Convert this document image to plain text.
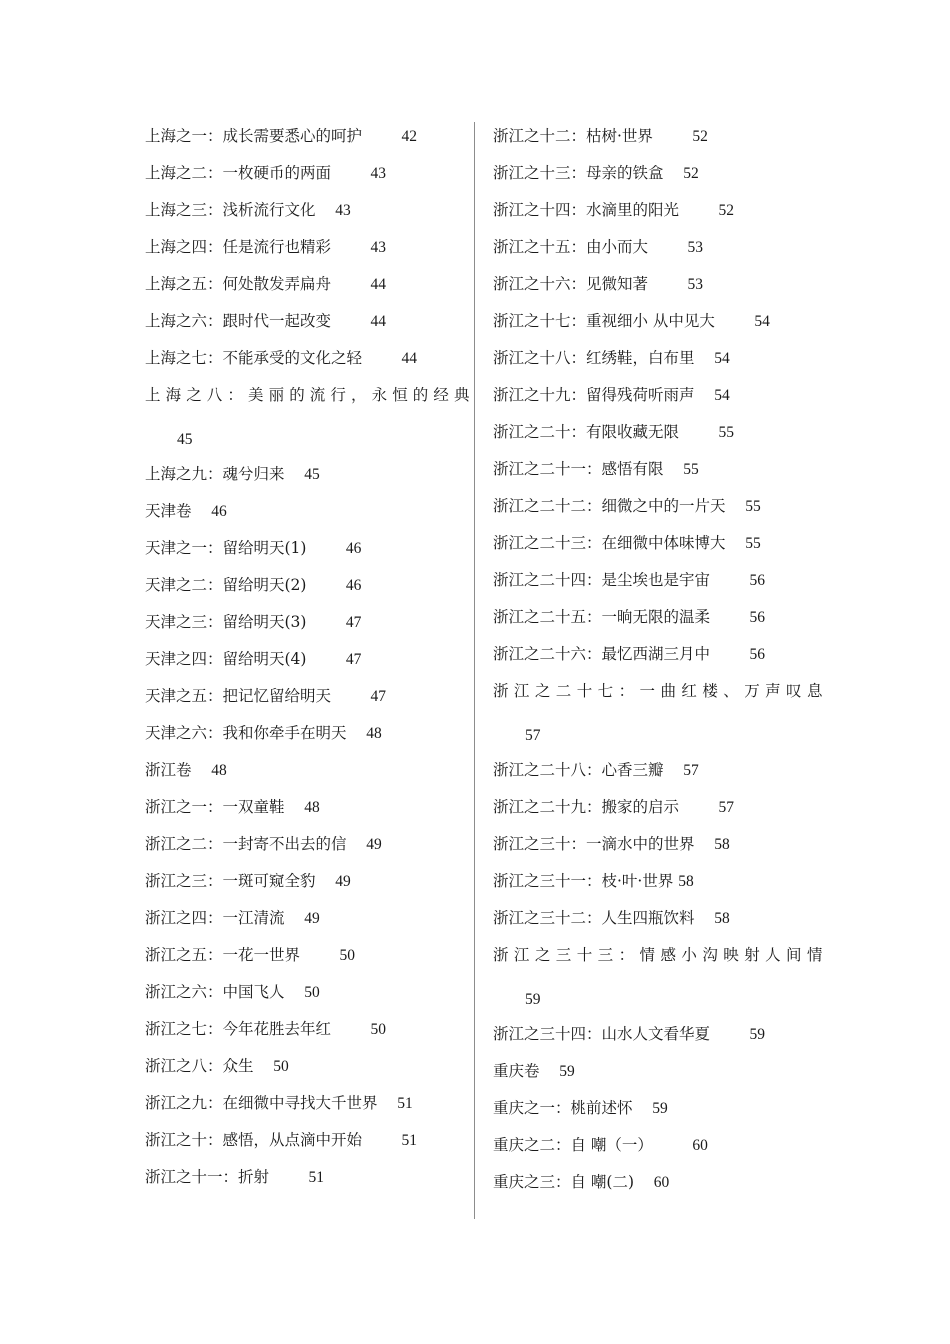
上海之一：成长需要悉心的呵护	42
上海之二：一枚硬币的两面	43
上海之三：浅析流行文化 43
上海之四：任是流行也精彩	43
上海之五：何处散发弄扁舟	44
上海之六：跟时代一起改变	44
上海之七：不能承受的文化之轻	44
上海之八：美丽的流行，永恒的经典
45
上海之九：魂兮归来 45
天津卷 46
天津之一：留给明天(1)	46
天津之二：留给明天(2)	46
天津之三：留给明天(3)	47
天津之四：留给明天(4)	47
天津之五：把记忆留给明天	47
天津之六：我和你牵手在明天 48
浙江卷 48
浙江之一：一双童鞋 48
浙江之二：一封寄不出去的信 49
浙江之三：一斑可窥全豹 49
浙江之四：一江清流 49
浙江之五：一花一世界	50
浙江之六：中国飞人 50
浙江之七：今年花胜去年红	50
浙江之八：众生 50
浙江之九：在细微中寻找大千世界 51
浙江之十：感悟，从点滴中开始	51
浙江之十一：折射	51
浙江之十二：枯树·世界	52
浙江之十三：母亲的铁盒 52
浙江之十四：水滴里的阳光	52
浙江之十五：由小而大	53
浙江之十六：见微知著	53
浙江之十七：重视细小 从中见大	54
浙江之十八：红绣鞋，白布里 54
浙江之十九：留得残荷听雨声 54
浙江之二十：有限收藏无限	55
浙江之二十一：感悟有限 55
浙江之二十二：细微之中的一片天 55
浙江之二十三：在细微中体味博大 55
浙江之二十四：是尘埃也是宇宙	56
浙江之二十五：一晌无限的温柔	56
浙江之二十六：最忆西湖三月中	56
浙江之二十七：一曲红楼、万声叹息
57
浙江之二十八：心香三瓣 57
浙江之二十九：搬家的启示	57
浙江之三十：一滴水中的世界 58
浙江之三十一：枝·叶·世界 58
浙江之三十二：人生四瓶饮料 58
浙江之三十三：情感小沟映射人间情
59
浙江之三十四：山水人文看华夏	59
重庆卷 59
重庆之一：桃前述怀 59
重庆之二：自 嘲（一）	60
重庆之三：自 嘲(二) 60
